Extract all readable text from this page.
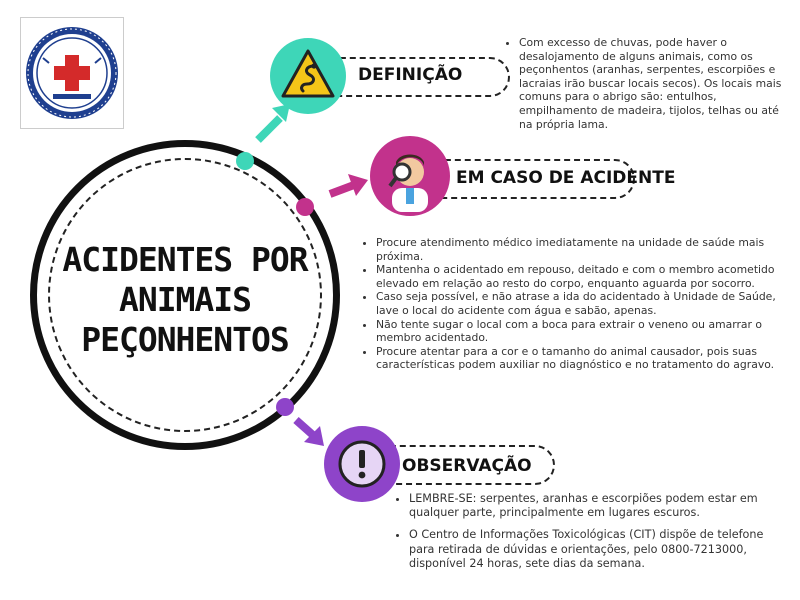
ACIDENTES POR
ANIMAIS
PEÇONHENTOS
DEFINIÇÃO
• Com excesso de chuvas, pode haver o desalojamento de alguns animais, como os peçonhentos (aranhas, serpentes, escorpiões e lacraias irão buscar locais secos). Os locais mais comuns para o abrigo são: entulhos, empilhamento de madeira, tijolos, telhas ou até na própria lama.
EM CASO DE ACIDENTE
• Procure atendimento médico imediatamente na unidade de saúde mais próxima.
• Mantenha o acidentado em repouso, deitado e com o membro acometido elevado em relação ao resto do corpo, enquanto aguarda por socorro.
• Caso seja possível, e não atrase a ida do acidentado à Unidade de Saúde, lave o local do acidente com água e sabão, apenas.
• Não tente sugar o local com a boca para extrair o veneno ou amarrar o membro acidentado.
• Procure atentar para a cor e o tamanho do animal causador, pois suas características podem auxiliar no diagnóstico e no tratamento do agravo.
OBSERVAÇÃO
• LEMBRE-SE: serpentes, aranhas e escorpiões podem estar em qualquer parte, principalmente em lugares escuros.
• O Centro de Informações Toxicológicas (CIT) dispõe de telefone para retirada de dúvidas e orientações, pelo 0800-7213000, disponível 24 horas, sete dias da semana.
